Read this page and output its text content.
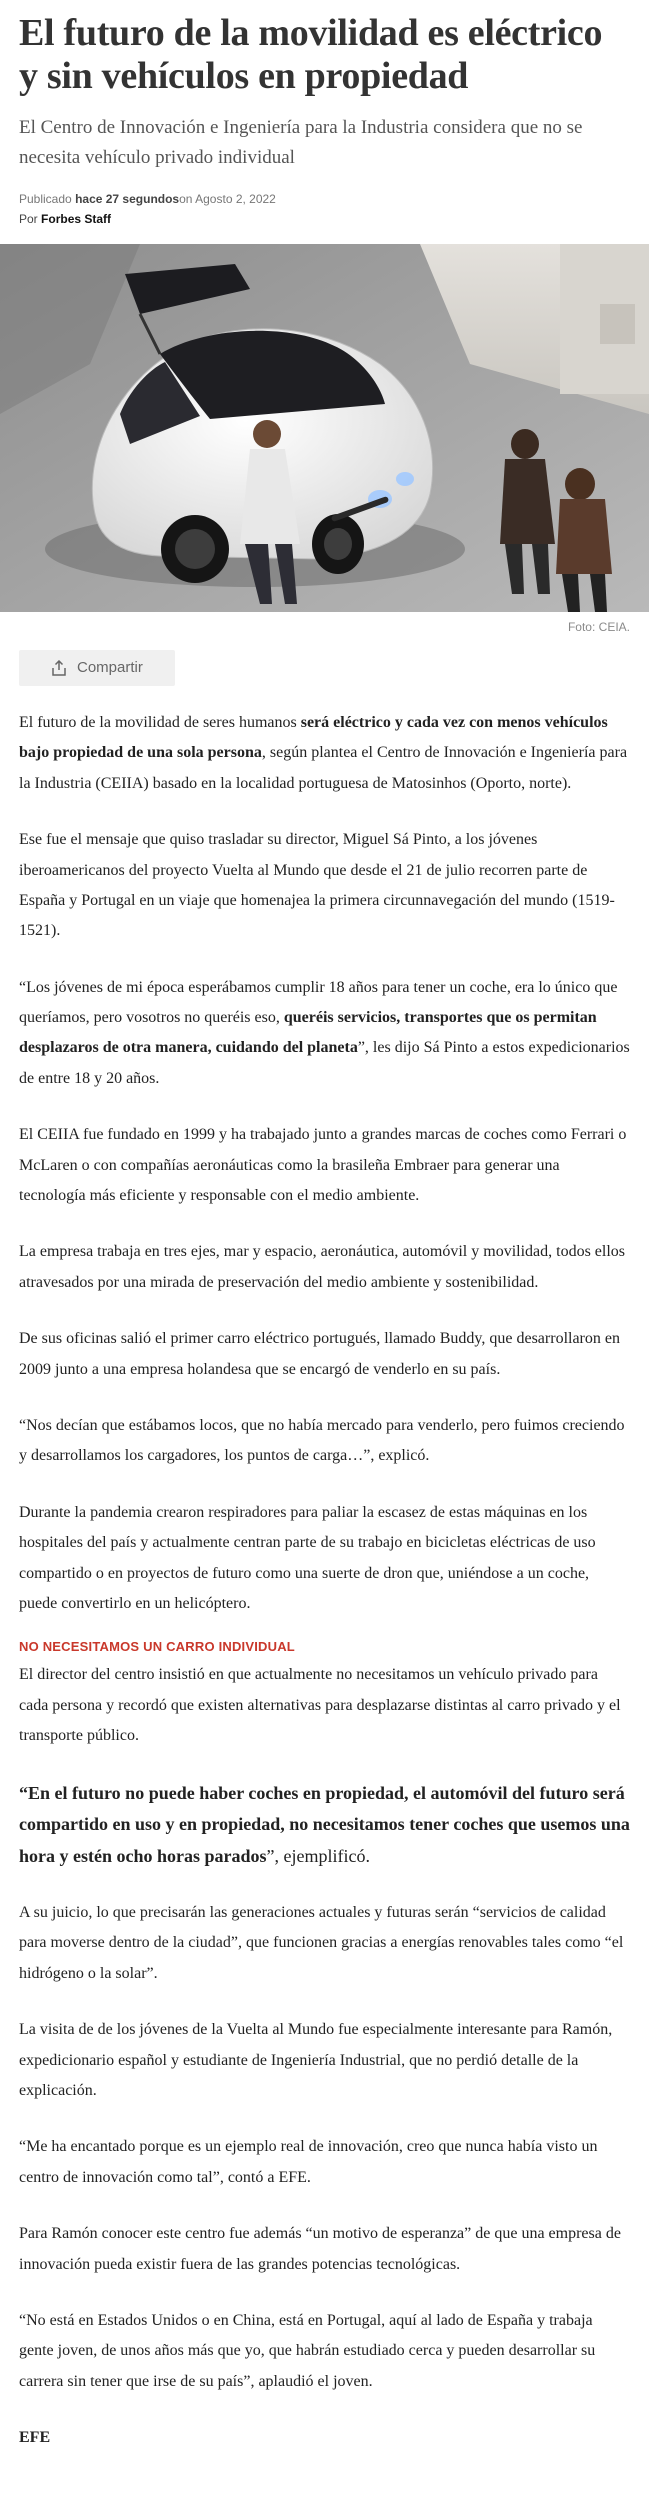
El futuro de la movilidad es eléctrico y sin vehículos en propiedad

El Centro de Innovación e Ingeniería para la Industria considera que no se necesita vehículo privado individual

Publicado hace 27 segundoson Agosto 2, 2022
Por Forbes Staff
Foto: CEIA.
Compartir

El futuro de la movilidad de seres humanos será eléctrico y cada vez con menos vehículos bajo propiedad de una sola persona, según plantea el Centro de Innovación e Ingeniería para la Industria (CEIIA) basado en la localidad portuguesa de Matosinhos (Oporto, norte).

Ese fue el mensaje que quiso trasladar su director, Miguel Sá Pinto, a los jóvenes iberoamericanos del proyecto Vuelta al Mundo que desde el 21 de julio recorren parte de España y Portugal en un viaje que homenajea la primera circunnavegación del mundo (1519-1521).

“Los jóvenes de mi época esperábamos cumplir 18 años para tener un coche, era lo único que queríamos, pero vosotros no queréis eso, queréis servicios, transportes que os permitan desplazaros de otra manera, cuidando del planeta”, les dijo Sá Pinto a estos expedicionarios de entre 18 y 20 años.

El CEIIA fue fundado en 1999 y ha trabajado junto a grandes marcas de coches como Ferrari o McLaren o con compañías aeronáuticas como la brasileña Embraer para generar una tecnología más eficiente y responsable con el medio ambiente.

La empresa trabaja en tres ejes, mar y espacio, aeronáutica, automóvil y movilidad, todos ellos atravesados por una mirada de preservación del medio ambiente y sostenibilidad.

De sus oficinas salió el primer carro eléctrico portugués, llamado Buddy, que desarrollaron en 2009 junto a una empresa holandesa que se encargó de venderlo en su país.

“Nos decían que estábamos locos, que no había mercado para venderlo, pero fuimos creciendo y desarrollamos los cargadores, los puntos de carga…”, explicó.

Durante la pandemia crearon respiradores para paliar la escasez de estas máquinas en los hospitales del país y actualmente centran parte de su trabajo en bicicletas eléctricas de uso compartido o en proyectos de futuro como una suerte de dron que, uniéndose a un coche, puede convertirlo en un helicóptero.

NO NECESITAMOS UN CARRO INDIVIDUAL

El director del centro insistió en que actualmente no necesitamos un vehículo privado para cada persona y recordó que existen alternativas para desplazarse distintas al carro privado y el transporte público.

“En el futuro no puede haber coches en propiedad, el automóvil del futuro será compartido en uso y en propiedad, no necesitamos tener coches que usemos una hora y estén ocho horas parados”, ejemplificó.

A su juicio, lo que precisarán las generaciones actuales y futuras serán “servicios de calidad para moverse dentro de la ciudad”, que funcionen gracias a energías renovables tales como “el hidrógeno o la solar”.

La visita de de los jóvenes de la Vuelta al Mundo fue especialmente interesante para Ramón, expedicionario español y estudiante de Ingeniería Industrial, que no perdió detalle de la explicación.

“Me ha encantado porque es un ejemplo real de innovación, creo que nunca había visto un centro de innovación como tal”, contó a EFE.

Para Ramón conocer este centro fue además “un motivo de esperanza” de que una empresa de innovación pueda existir fuera de las grandes potencias tecnológicas.

“No está en Estados Unidos o en China, está en Portugal, aquí al lado de España y trabaja gente joven, de unos años más que yo, que habrán estudiado cerca y pueden desarrollar su carrera sin tener que irse de su país”, aplaudió el joven.

EFE
